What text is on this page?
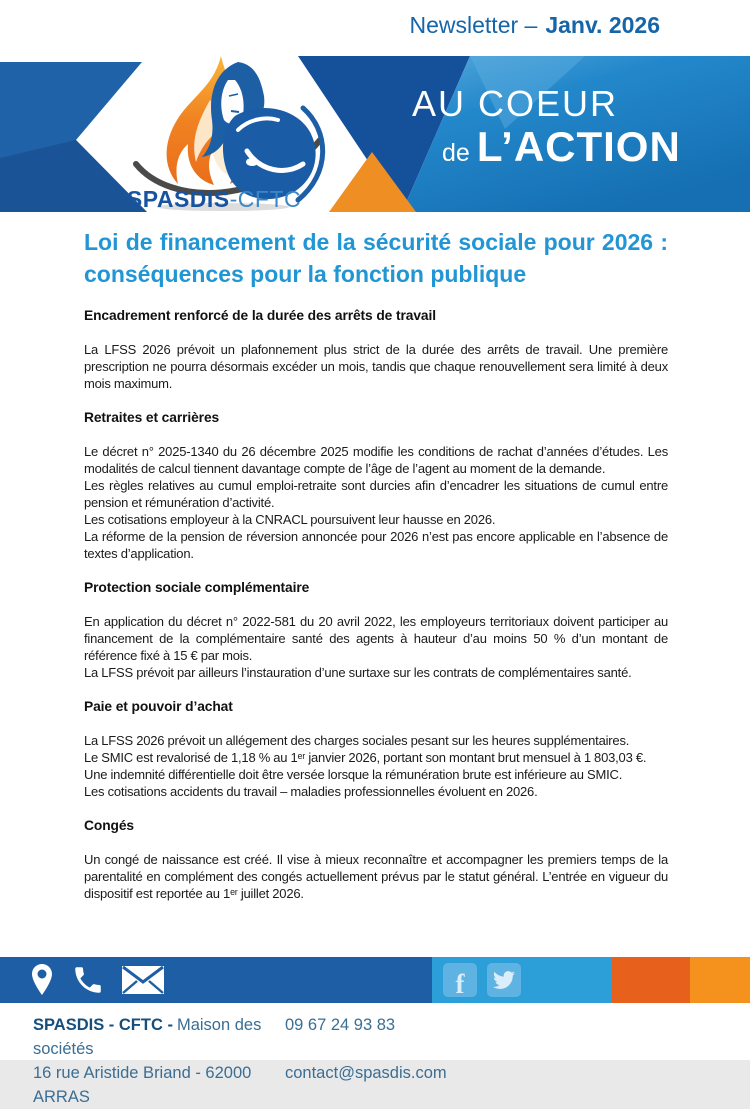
Newsletter – Janv. 2026
SPASDIS-CFTC
AU COEUR
de L’ACTION
Loi de financement de la sécurité sociale pour 2026 : conséquences pour la fonction publique
Encadrement renforcé de la durée des arrêts de travail

La LFSS 2026 prévoit un plafonnement plus strict de la durée des arrêts de travail. Une première prescription ne pourra désormais excéder un mois, tandis que chaque renouvellement sera limité à deux mois maximum.

Retraites et carrières

Le décret n° 2025-1340 du 26 décembre 2025 modifie les conditions de rachat d’années d’études. Les modalités de calcul tiennent davantage compte de l’âge de l’agent au moment de la demande.

Les règles relatives au cumul emploi-retraite sont durcies afin d’encadrer les situations de cumul entre pension et rémunération d’activité.

Les cotisations employeur à la CNRACL poursuivent leur hausse en 2026.

La réforme de la pension de réversion annoncée pour 2026 n’est pas encore applicable en l’absence de textes d’application.

Protection sociale complémentaire

En application du décret n° 2022-581 du 20 avril 2022, les employeurs territoriaux doivent participer au financement de la complémentaire santé des agents à hauteur d’au moins 50 % d’un montant de référence fixé à 15 € par mois.

La LFSS prévoit par ailleurs l’instauration d’une surtaxe sur les contrats de complémentaires santé.

Paie et pouvoir d’achat

La LFSS 2026 prévoit un allégement des charges sociales pesant sur les heures supplémentaires.

Le SMIC est revalorisé de 1,18 % au 1ᵉʳ janvier 2026, portant son montant brut mensuel à 1 803,03 €.

Une indemnité différentielle doit être versée lorsque la rémunération brute est inférieure au SMIC.

Les cotisations accidents du travail – maladies professionnelles évoluent en 2026.

Congés

Un congé de naissance est créé. Il vise à mieux reconnaître et accompagner les premiers temps de la parentalité en complément des congés actuellement prévus par le statut général. L’entrée en vigueur du dispositif est reportée au 1ᵉʳ juillet 2026.

f
SPASDIS - CFTC - Maison des sociétés
09 67 24 93 83
16 rue Aristide Briand - 62000 ARRAS
contact@spasdis.com
